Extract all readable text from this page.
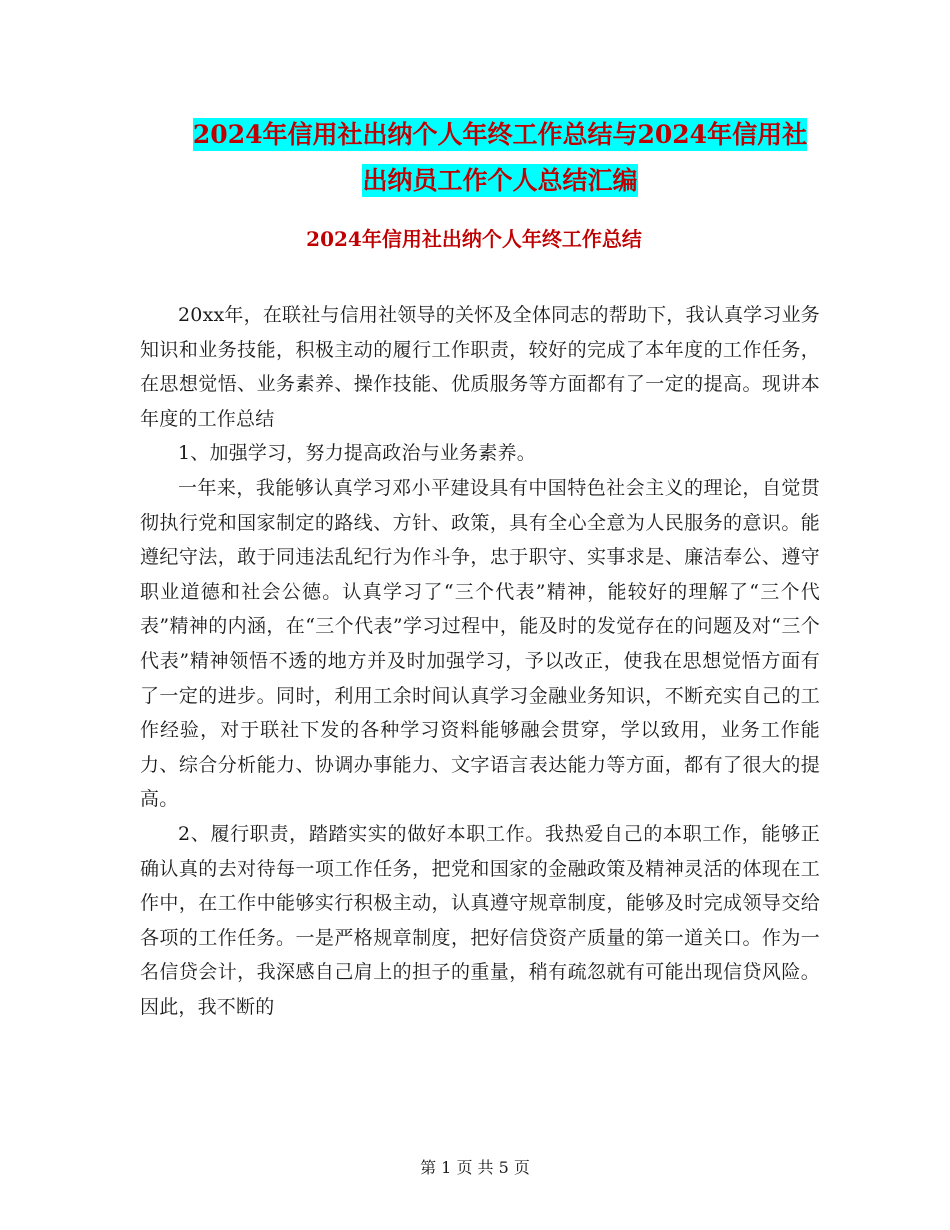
2024年信用社出纳个人年终工作总结与2024年信用社
出纳员工作个人总结汇编
2024年信用社出纳个人年终工作总结

20xx年，在联社与信用社领导的关怀及全体同志的帮助下，我认真学习业务知识和业务技能，积极主动的履行工作职责，较好的完成了本年度的工作任务，在思想觉悟、业务素养、操作技能、优质服务等方面都有了一定的提高。现讲本年度的工作总结

1、加强学习，努力提高政治与业务素养。

一年来，我能够认真学习邓小平建设具有中国特色社会主义的理论，自觉贯彻执行党和国家制定的路线、方针、政策，具有全心全意为人民服务的意识。能遵纪守法，敢于同违法乱纪行为作斗争，忠于职守、实事求是、廉洁奉公、遵守职业道德和社会公德。认真学习了“三个代表”精神，能较好的理解了“三个代表”精神的内涵，在“三个代表”学习过程中，能及时的发觉存在的问题及对“三个代表”精神领悟不透的地方并及时加强学习，予以改正，使我在思想觉悟方面有了一定的进步。同时，利用工余时间认真学习金融业务知识，不断充实自己的工作经验，对于联社下发的各种学习资料能够融会贯穿，学以致用，业务工作能力、综合分析能力、协调办事能力、文字语言表达能力等方面，都有了很大的提高。

2、履行职责，踏踏实实的做好本职工作。我热爱自己的本职工作，能够正确认真的去对待每一项工作任务，把党和国家的金融政策及精神灵活的体现在工作中，在工作中能够实行积极主动，认真遵守规章制度，能够及时完成领导交给各项的工作任务。一是严格规章制度，把好信贷资产质量的第一道关口。作为一名信贷会计，我深感自己肩上的担子的重量，稍有疏忽就有可能出现信贷风险。因此，我不断的

第 1 页 共 5 页
